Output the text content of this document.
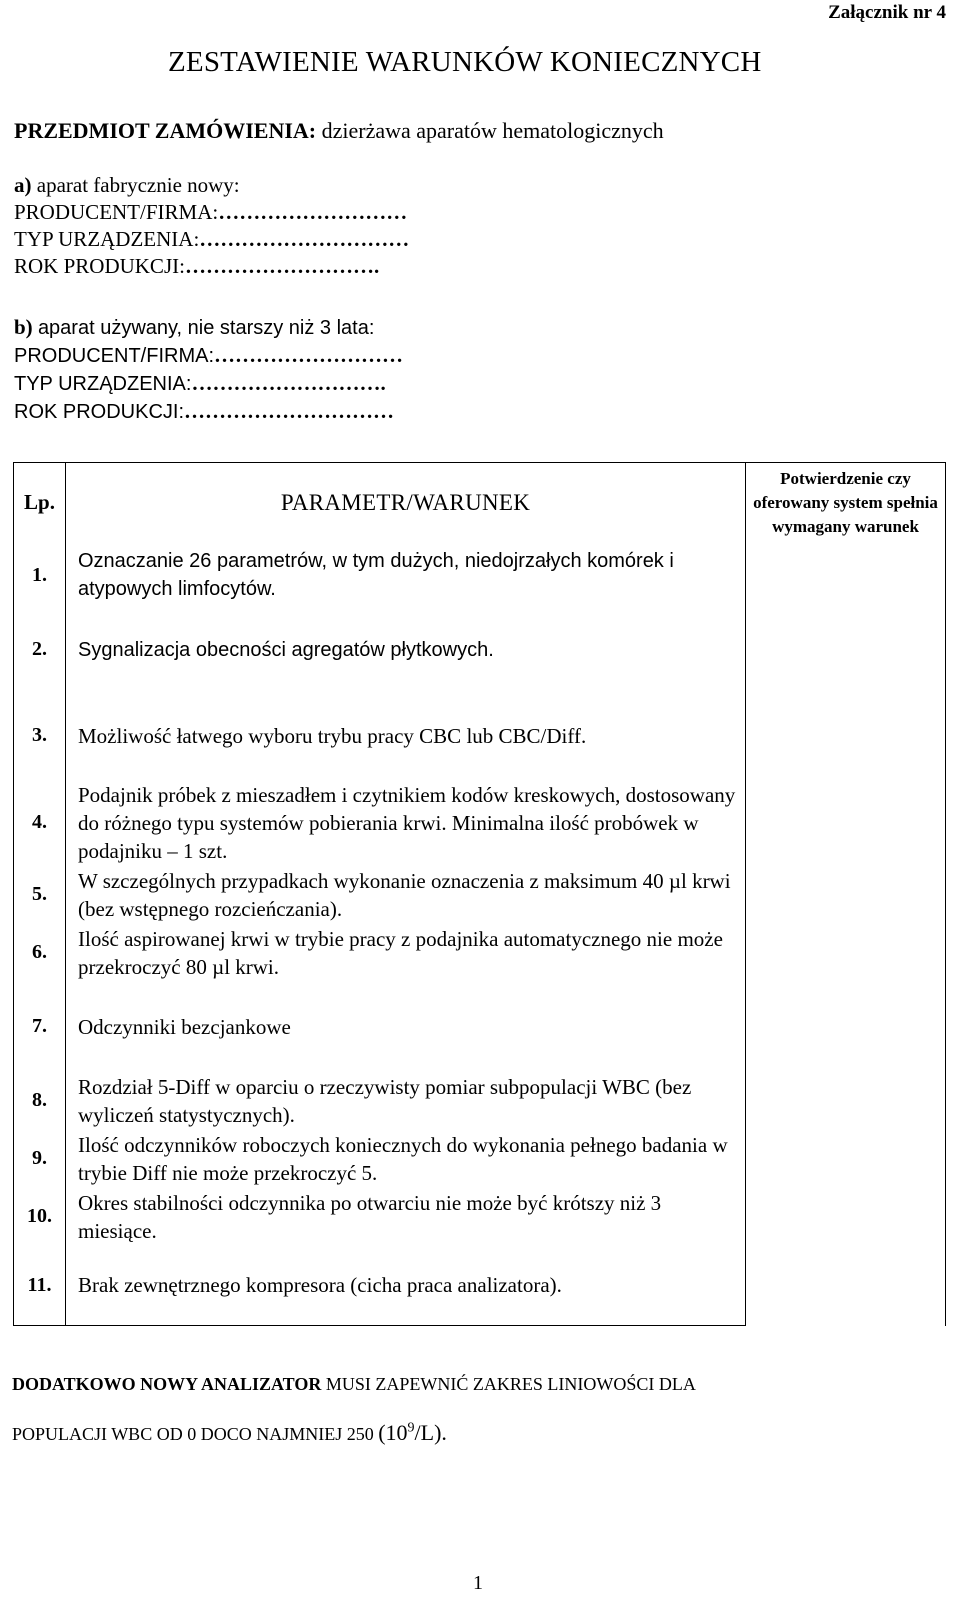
Załącznik nr 4
ZESTAWIENIE WARUNKÓW KONIECZNYCH
PRZEDMIOT ZAMÓWIENIA: dzierżawa aparatów hematologicznych
a) aparat fabrycznie nowy:
PRODUCENT/FIRMA:………………………
TYP URZĄDZENIA:…………………………
ROK PRODUKCJI:……………………….
b) aparat używany, nie starszy niż 3 lata:
PRODUCENT/FIRMA:………………………
TYP URZĄDZENIA:……………………….
ROK PRODUKCJI:…………………………
Lp.	PARAMETR/WARUNEK	Potwierdzenie czy oferowany system spełnia wymagany warunek	
1.	Oznaczanie 26 parametrów, w tym dużych, niedojrzałych komórek i atypowych limfocytów.		
2.	Sygnalizacja obecności agregatów płytkowych.		
3.	Możliwość łatwego wyboru trybu pracy CBC lub CBC/Diff.		
4.	Podajnik próbek z mieszadłem i czytnikiem kodów kreskowych, dostosowany do różnego typu systemów pobierania krwi. Minimalna ilość probówek w podajniku – 1 szt.		
5.	W szczególnych przypadkach wykonanie oznaczenia z maksimum 40 µl krwi (bez wstępnego rozcieńczania).		
6.	Ilość aspirowanej krwi w trybie pracy z podajnika automatycznego nie może przekroczyć 80 µl krwi.		
7.	Odczynniki bezcjankowe		
8.	Rozdział 5-Diff w oparciu o rzeczywisty pomiar subpopulacji WBC (bez wyliczeń statystycznych).		
9.	Ilość odczynników roboczych koniecznych do wykonania pełnego badania w trybie Diff nie może przekroczyć 5.		
10.	Okres stabilności odczynnika po otwarciu nie może być krótszy niż 3 miesiące.		
11.	Brak zewnętrznego kompresora (cicha praca analizatora).		
DODATKOWO NOWY ANALIZATOR MUSI ZAPEWNIĆ ZAKRES LINIOWOŚCI DLA
POPULACJI WBC OD 0 DOCO NAJMNIEJ 250 $(10^9/L)$.
1
